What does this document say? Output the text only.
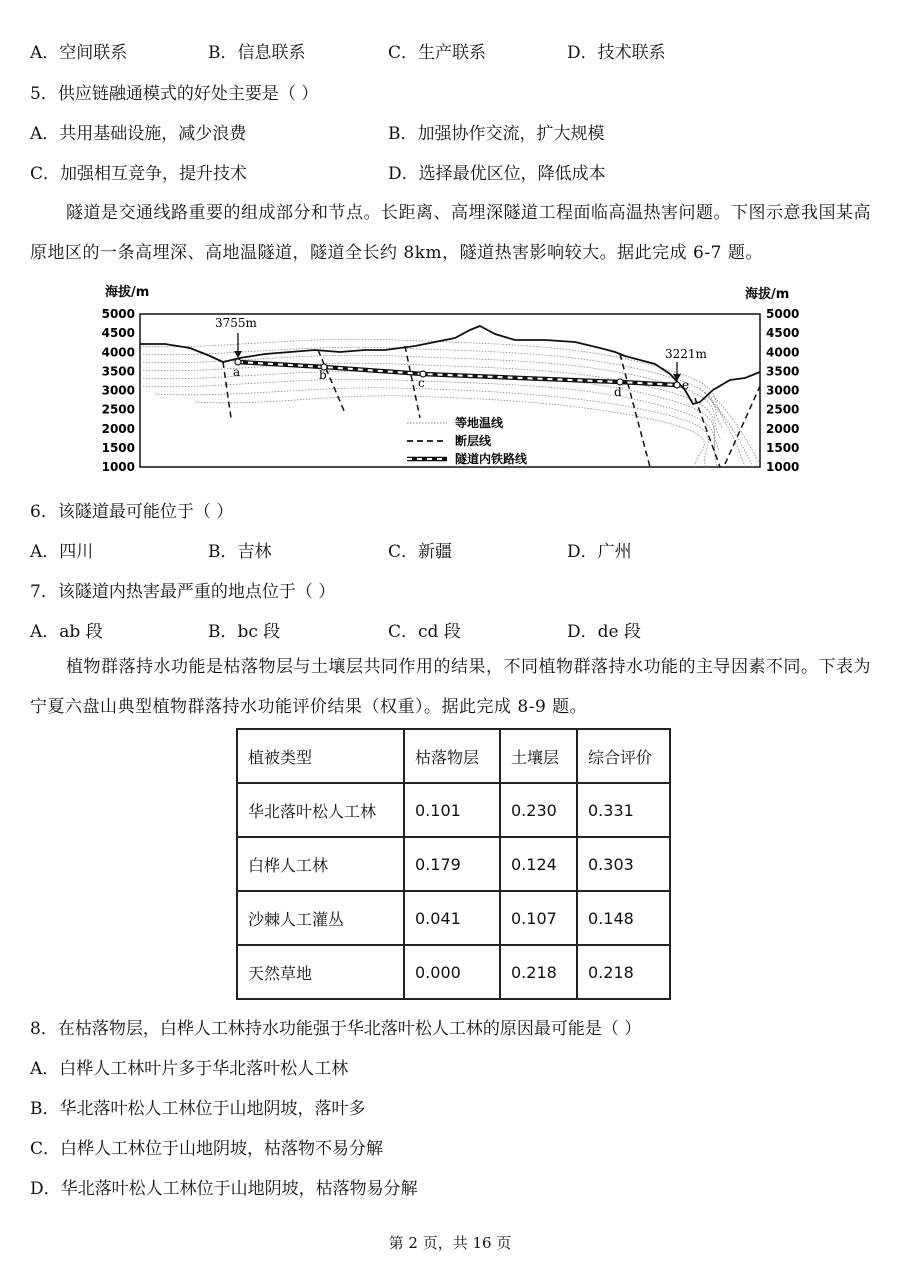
A．空间联系	B．信息联系	C．生产联系	D．技术联系
5．供应链融通模式的好处主要是（ ）
A．共用基础设施，减少浪费	B．加强协作交流，扩大规模
C．加强相互竞争，提升技术	D．选择最优区位，降低成本
隧道是交通线路重要的组成部分和节点。长距离、高埋深隧道工程面临高温热害问题。下图示意我国某高原地区的一条高埋深、高地温隧道，隧道全长约 8km，隧道热害影响较大。据此完成 6-7 题。
海拔/m	海拔/m
5000
4500
4000
3500
3000
2500
2000
1500
1000
5000
4500
4000
3500
3000
2500
2000
1500
1000
a	b
c
d	e
3755m
3221m
等地温线
断层线
隧道内铁路线
6．该隧道最可能位于（ ）
A．四川	B．吉林	C．新疆	D．广州
7．该隧道内热害最严重的地点位于（ ）
A．ab 段	B．bc 段	C．cd 段	D．de 段
植物群落持水功能是枯落物层与土壤层共同作用的结果，不同植物群落持水功能的主导因素不同。下表为宁夏六盘山典型植物群落持水功能评价结果（权重）。据此完成 8-9 题。
植被类型	枯落物层	土壤层	综合评价
华北落叶松人工林	0.101	0.230	0.331
白桦人工林	0.179	0.124	0.303
沙棘人工灌丛	0.041	0.107	0.148
天然草地	0.000	0.218	0.218
8．在枯落物层，白桦人工林持水功能强于华北落叶松人工林的原因最可能是（ ）
A．白桦人工林叶片多于华北落叶松人工林
B．华北落叶松人工林位于山地阴坡，落叶多
C．白桦人工林位于山地阴坡，枯落物不易分解
D．华北落叶松人工林位于山地阴坡，枯落物易分解
第 2 页，共 16 页
